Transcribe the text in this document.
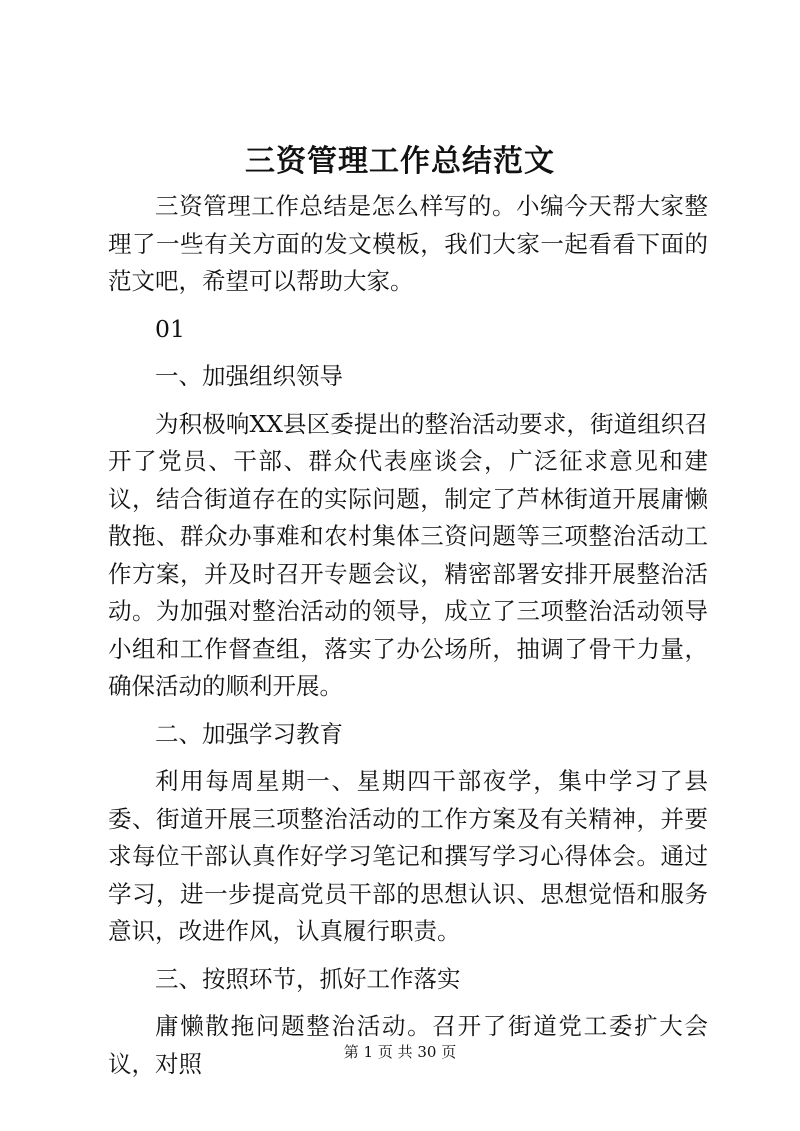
三资管理工作总结范文

三资管理工作总结是怎么样写的。小编今天帮大家整理了一些有关方面的发文模板，我们大家一起看看下面的范文吧，希望可以帮助大家。

01

一、加强组织领导

为积极响XX县区委提出的整治活动要求，街道组织召开了党员、干部、群众代表座谈会，广泛征求意见和建议，结合街道存在的实际问题，制定了芦林街道开展庸懒散拖、群众办事难和农村集体三资问题等三项整治活动工作方案，并及时召开专题会议，精密部署安排开展整治活动。为加强对整治活动的领导，成立了三项整治活动领导小组和工作督查组，落实了办公场所，抽调了骨干力量，确保活动的顺利开展。

二、加强学习教育

利用每周星期一、星期四干部夜学，集中学习了县委、街道开展三项整治活动的工作方案及有关精神，并要求每位干部认真作好学习笔记和撰写学习心得体会。通过学习，进一步提高党员干部的思想认识、思想觉悟和服务意识，改进作风，认真履行职责。

三、按照环节，抓好工作落实

庸懒散拖问题整治活动。召开了街道党工委扩大会议，对照	第 1 页 共 30 页
